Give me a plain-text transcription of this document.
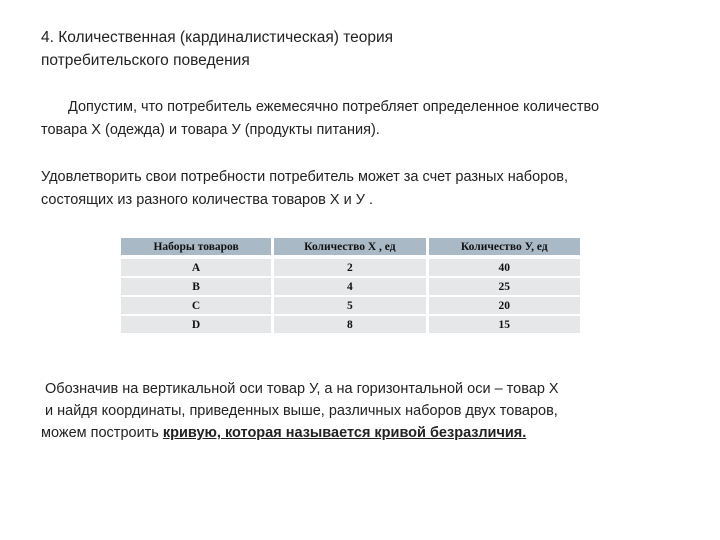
4. Количественная (кардиналистическая) теория
потребительского поведения
Допустим, что потребитель ежемесячно потребляет определенное количество
товара Х (одежда) и товара У (продукты питания).
Удовлетворить свои потребности потребитель может за счет разных наборов,
состоящих из разного количества товаров Х и У .
Наборы товаров	Количество Х , ед	Количество У, ед
А	2	40
В	4	25
С	5	20
D	8	15
Обозначив на вертикальной оси товар У, а на горизонтальной оси – товар Х
и найдя координаты, приведенных выше, различных наборов двух товаров,
можем построить кривую, которая называется кривой безразличия.
